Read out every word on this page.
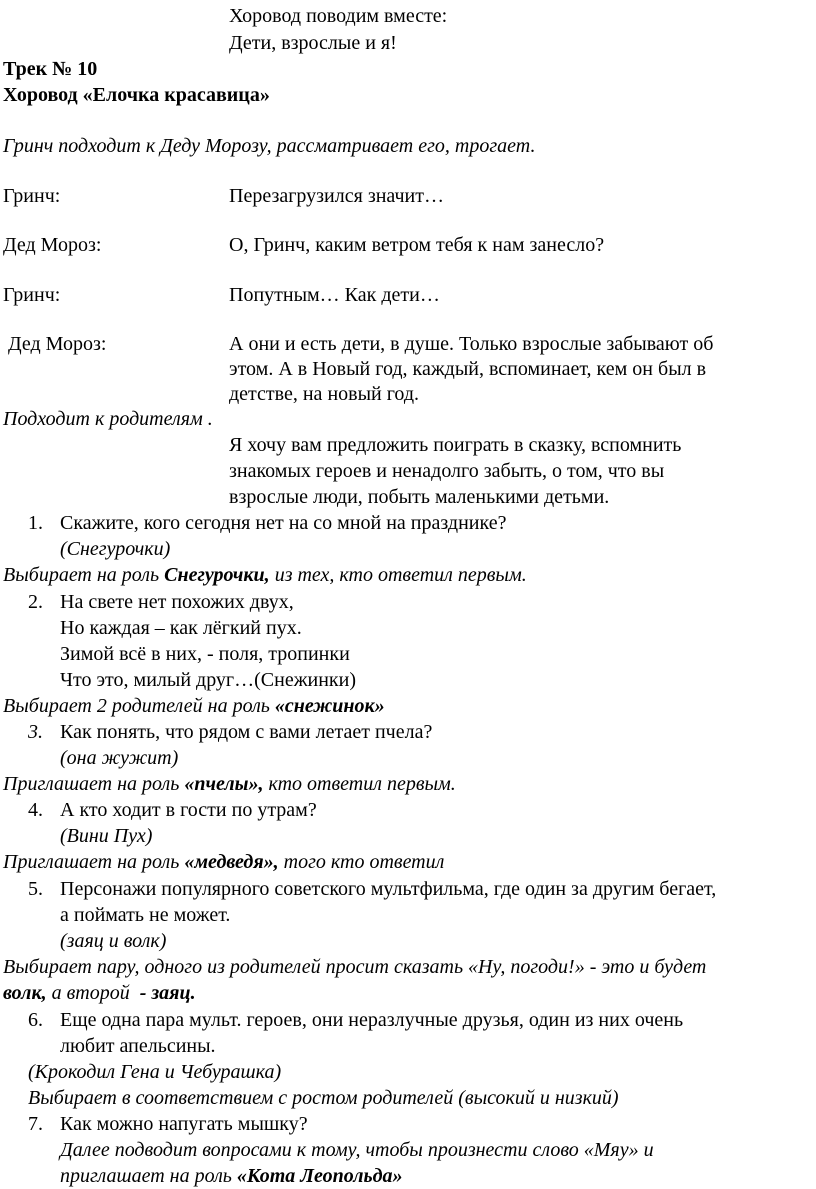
Хоровод поводим вместе:
Дети, взрослые и я!
Трек № 10
Хоровод «Елочка красавица»
Гринч подходит к Деду Морозу, рассматривает его, трогает.
Гринч:	Перезагрузился значит…
Дед Мороз:	О, Гринч, каким ветром тебя к нам занесло?
Гринч:	Попутным… Как дети…
Дед Мороз:	А они и есть дети, в душе. Только взрослые забывают об
этом. А в Новый год, каждый, вспоминает, кем он был в
детстве, на новый год.
Подходит к родителям .
Я хочу вам предложить поиграть в сказку, вспомнить
знакомых героев и ненадолго забыть, о том, что вы
взрослые люди, побыть маленькими детьми.
1. Скажите, кого сегодня нет на со мной на празднике?
(Снегурочки)
Выбирает на роль Снегурочки, из тех, кто ответил первым.
2. На свете нет похожих двух,
Но каждая – как лёгкий пух.
Зимой всё в них, - поля, тропинки
Что это, милый друг…(Снежинки)
Выбирает 2 родителей на роль «снежинок»
3. Как понять, что рядом с вами летает пчела?
(она жужит)
Приглашает на роль «пчелы», кто ответил первым.
4. А кто ходит в гости по утрам?
(Вини Пух)
Приглашает на роль «медведя», того кто ответил
5. Персонажи популярного советского мультфильма, где один за другим бегает,
а поймать не может.
(заяц и волк)
Выбирает пару, одного из родителей просит сказать «Ну, погоди!» - это и будет
волк, а второй  - заяц.
6. Еще одна пара мульт. героев, они неразлучные друзья, один из них очень
любит апельсины.
(Крокодил Гена и Чебурашка)
Выбирает в соответствием с ростом родителей (высокий и низкий)
7. Как можно напугать мышку?
Далее подводит вопросами к тому, чтобы произнести слово «Мяу» и
приглашает на роль «Кота Леопольда»
